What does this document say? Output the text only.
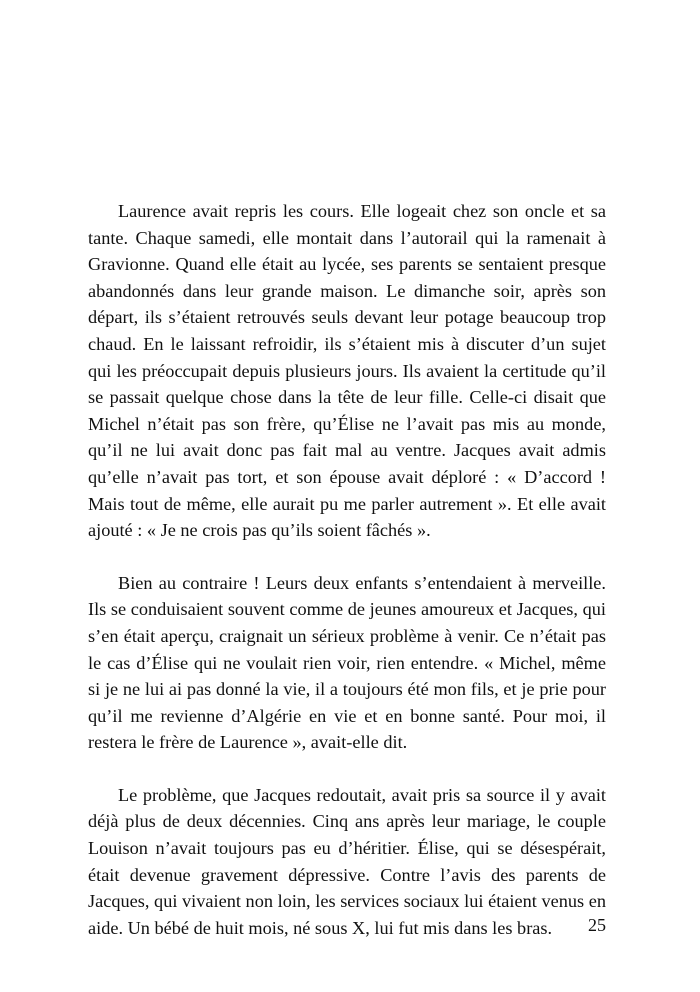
Laurence avait repris les cours. Elle logeait chez son oncle et sa tante. Chaque samedi, elle montait dans l’autorail qui la ramenait à Gravionne. Quand elle était au lycée, ses parents se sentaient presque abandonnés dans leur grande maison. Le dimanche soir, après son départ, ils s’étaient retrouvés seuls devant leur potage beaucoup trop chaud. En le laissant refroidir, ils s’étaient mis à discuter d’un sujet qui les préoccupait depuis plusieurs jours. Ils avaient la certitude qu’il se passait quelque chose dans la tête de leur fille. Celle-ci disait que Michel n’était pas son frère, qu’Élise ne l’avait pas mis au monde, qu’il ne lui avait donc pas fait mal au ventre. Jacques avait admis qu’elle n’avait pas tort, et son épouse avait déploré : « D’accord ! Mais tout de même, elle aurait pu me parler autrement ». Et elle avait ajouté : « Je ne crois pas qu’ils soient fâchés ».

Bien au contraire ! Leurs deux enfants s’entendaient à merveille. Ils se conduisaient souvent comme de jeunes amoureux et Jacques, qui s’en était aperçu, craignait un sérieux problème à venir. Ce n’était pas le cas d’Élise qui ne voulait rien voir, rien entendre. « Michel, même si je ne lui ai pas donné la vie, il a toujours été mon fils, et je prie pour qu’il me revienne d’Algérie en vie et en bonne santé. Pour moi, il restera le frère de Laurence », avait-elle dit.

Le problème, que Jacques redoutait, avait pris sa source il y avait déjà plus de deux décennies. Cinq ans après leur mariage, le couple Louison n’avait toujours pas eu d’héritier. Élise, qui se désespérait, était devenue gravement dépressive. Contre l’avis des parents de Jacques, qui vivaient non loin, les services sociaux lui étaient venus en aide. Un bébé de huit mois, né sous X, lui fut mis dans les bras.	25
